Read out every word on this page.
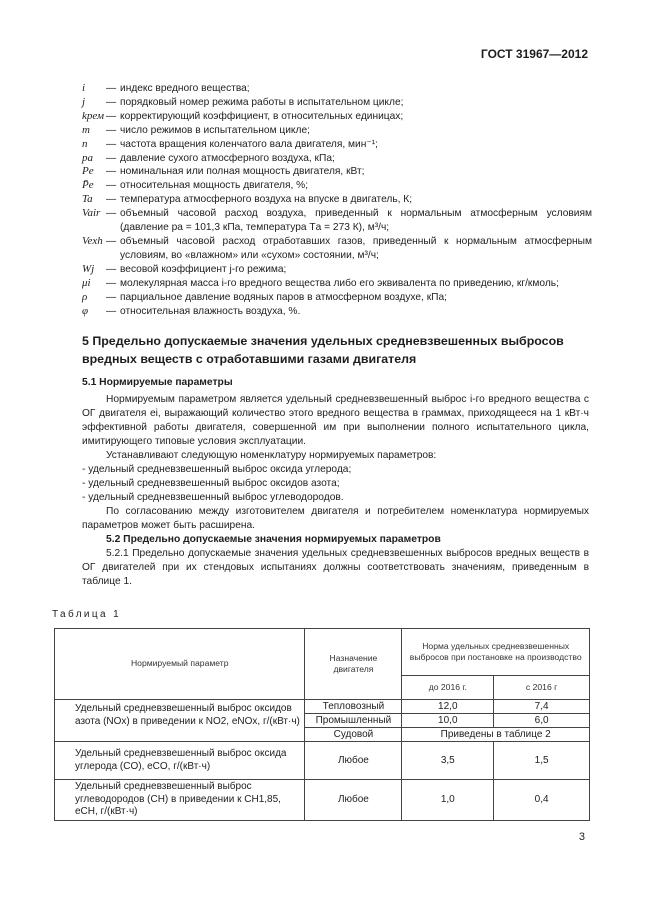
ГОСТ 31967—2012
i	— индекс вредного вещества;
j	— порядковый номер режима работы в испытательном цикле;
kрем — корректирующий коэффициент, в относительных единицах;
m	— число режимов в испытательном цикле;
n	— частота вращения коленчатого вала двигателя, мин⁻¹;
pa	— давление сухого атмосферного воздуха, кПа;
Pe	— номинальная или полная мощность двигателя, кВт;
P̄e	— относительная мощность двигателя, %;
Ta	— температура атмосферного воздуха на впуске в двигатель, К;
Vair — объемный часовой расход воздуха, приведенный к нормальным атмосферным условиям (давление pа = 101,3 кПа, температура Tа = 273 К), м³/ч;
Vexh — объемный часовой расход отработавших газов, приведенный к нормальным атмосферным условиям, во «влажном» или «сухом» состоянии, м³/ч;
Wj	— весовой коэффициент j-го режима;
μi	— молекулярная масса i-го вредного вещества либо его эквивалента по приведению, кг/кмоль;
ρ	— парциальное давление водяных паров в атмосферном воздухе, кПа;
φ	— относительная влажность воздуха, %.
5 Предельно допускаемые значения удельных средневзвешенных выбросов вредных веществ с отработавшими газами двигателя
5.1 Нормируемые параметры

Нормируемым параметром является удельный средневзвешенный выброс i-го вредного вещества с ОГ двигателя ei, выражающий количество этого вредного вещества в граммах, приходящееся на 1 кВт·ч эффективной работы двигателя, совершенной им при выполнении полного испытательного цикла, имитирующего типовые условия эксплуатации.

Устанавливают следующую номенклатуру нормируемых параметров:

- удельный средневзвешенный выброс оксида углерода;

- удельный средневзвешенный выброс оксидов азота;

- удельный средневзвешенный выброс углеводородов.

По согласованию между изготовителем двигателя и потребителем номенклатура нормируемых параметров может быть расширена.

5.2 Предельно допускаемые значения нормируемых параметров

5.2.1 Предельно допускаемые значения удельных средневзвешенных выбросов вредных веществ в ОГ двигателей при их стендовых испытаниях должны соответствовать значениям, приведенным в таблице 1.

Таблица 1
Нормируемый параметр	Назначение двигателя	Норма удельных средневзвешенных выбросов при постановке на производство	
		до 2016 г.	с 2016 г
Удельный средневзвешенный выброс оксидов азота (NOx) в приведении к NO2, eNOx, г/(кВт·ч)	Тепловозный	12,0	7,4
	Промышленный	10,0	6,0
	Судовой	Приведены в таблице 2	
Удельный средневзвешенный выброс оксида углерода (CO), eCO, г/(кВт·ч)	Любое	3,5	1,5
Удельный средневзвешенный выброс углеводородов (CH) в приведении к CH1,85, eCH, г/(кВт·ч)	Любое	1,0	0,4
3
